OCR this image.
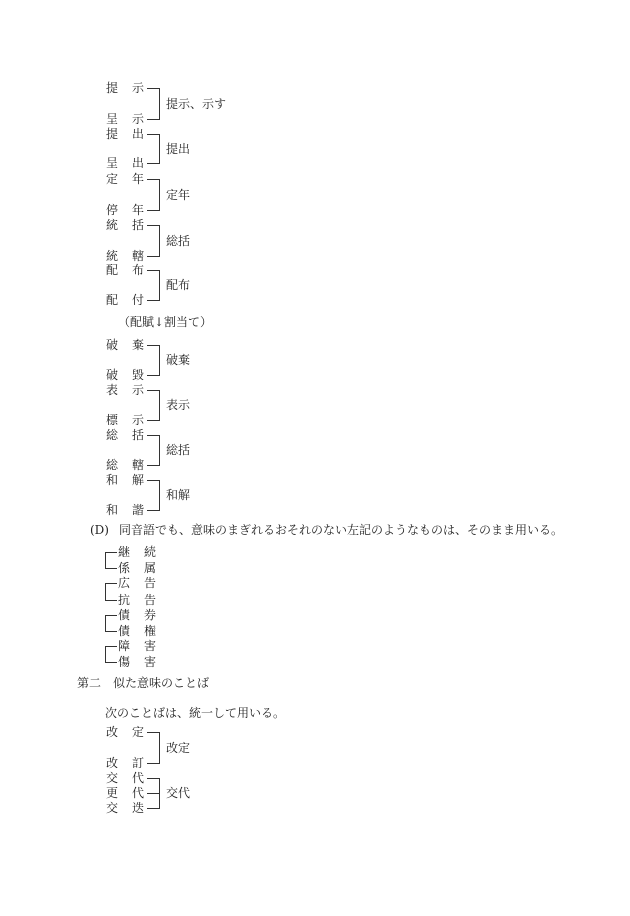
提 示
呈 示
提示、示す
提 出
呈 出
提出
定 年
停 年
定年
統 括
統 轄
総括
配 布
配 付
配布
（配賦↓割当て）
破 棄
破 毀
破棄
表 示
標 示
表示
総 括
総 轄
総括
和 解
和 諧
和解
(D) 同音語でも、意味のまぎれるおそれのない左記のようなものは、そのまま用いる。
継 続
係 属
広 告
抗 告
債 券
債 権
障 害
傷 害
第二　似た意味のことば
次のことばは、統一して用いる。
改 定
改 訂
改定
交 代
更 代
交 迭
交代
